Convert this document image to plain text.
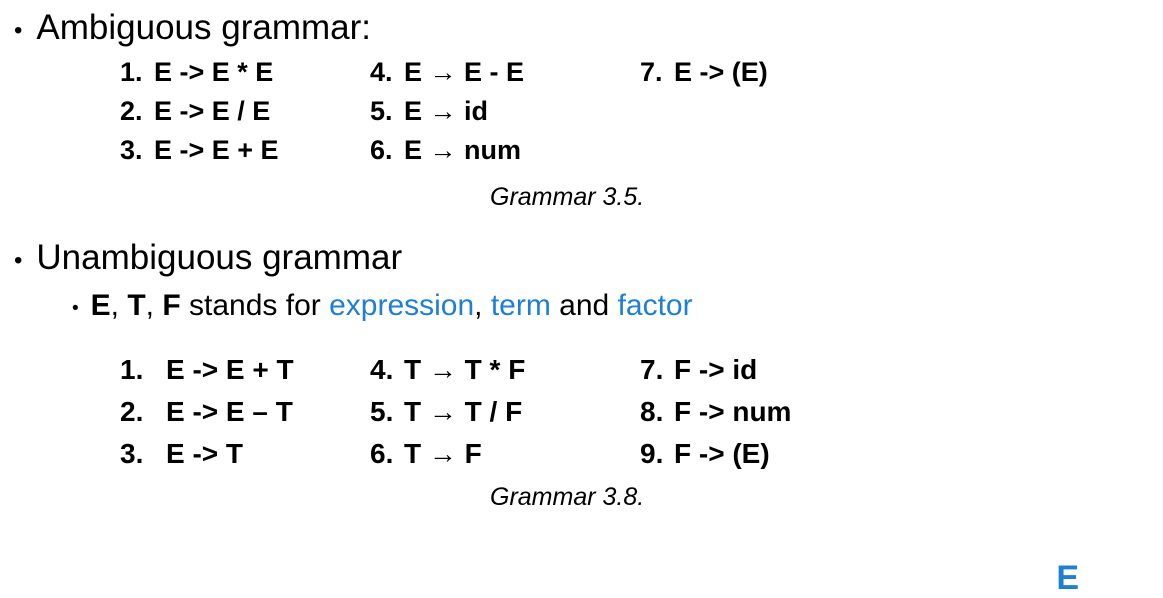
• Ambiguous grammar:
1. E -> E * E
2. E -> E / E
3. E -> E + E
4. E → E - E
5. E → id
6. E → num
7. E -> (E)
Grammar 3.5.
• Unambiguous grammar
• E, T, F stands for expression, term and factor
1. E -> E + T
2. E -> E – T
3. E -> T
4. T → T * F
5. T → T / F
6. T → F
7. F -> id
8. F -> num
9. F -> (E)
Grammar 3.8.
E
